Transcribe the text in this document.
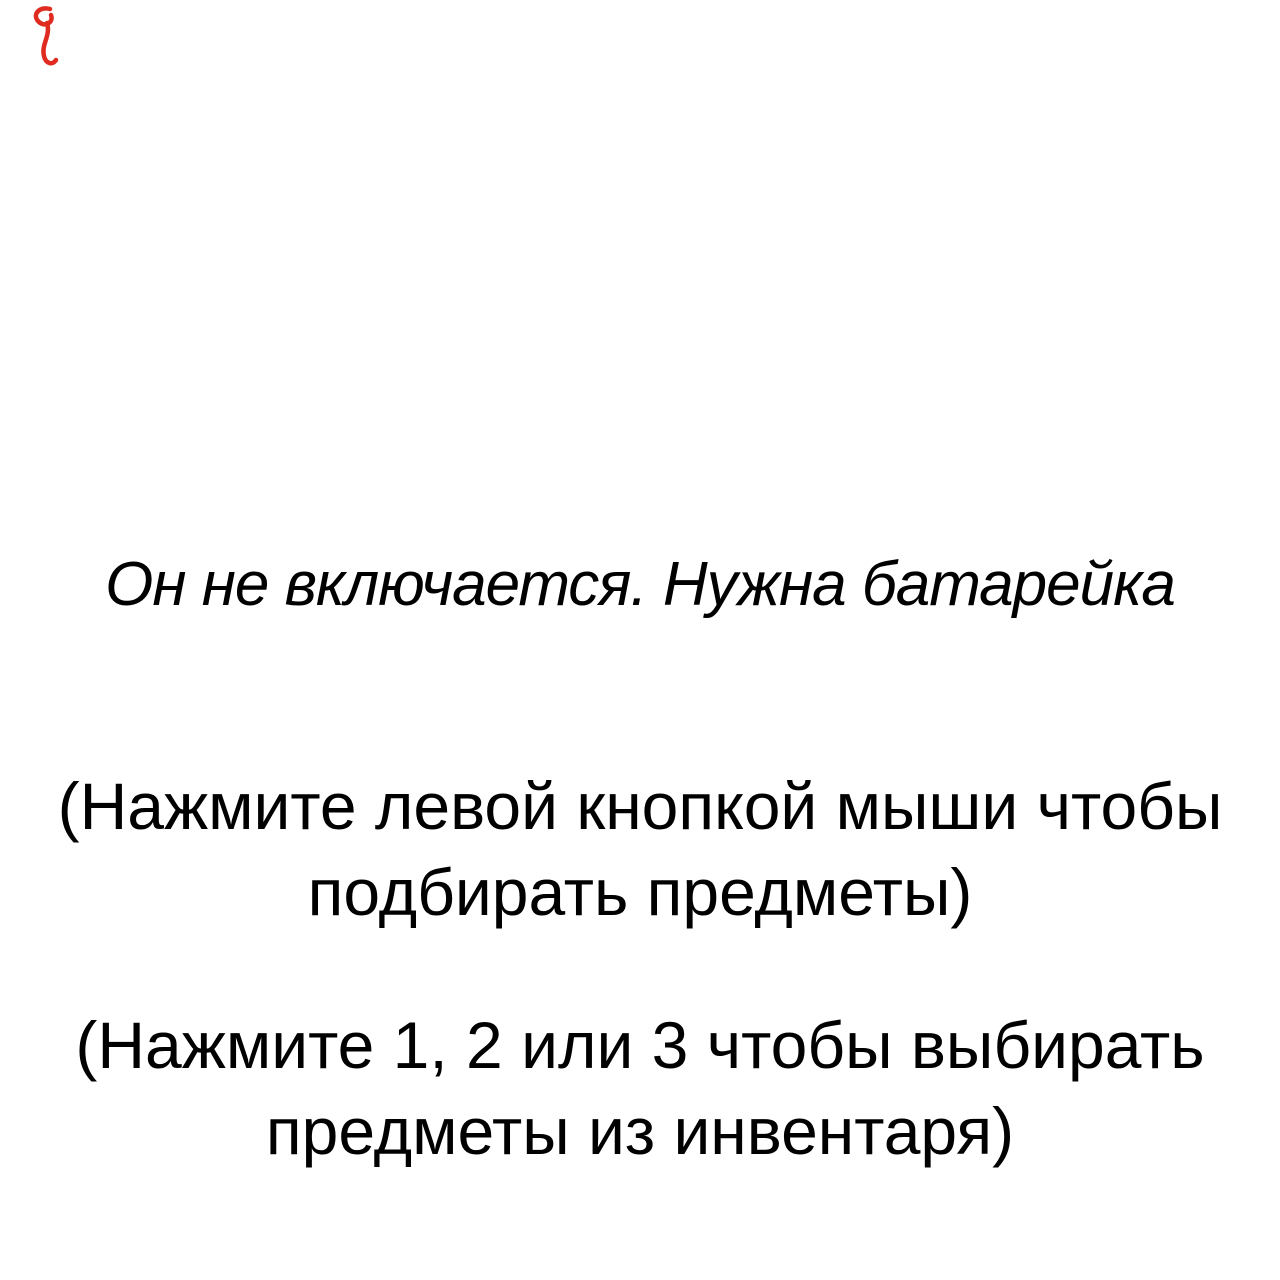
Он не включается. Нужна батарейка
(Нажмите левой кнопкой мыши чтобы подбирать предметы)
(Нажмите 1, 2 или 3 чтобы выбирать предметы из инвентаря)
